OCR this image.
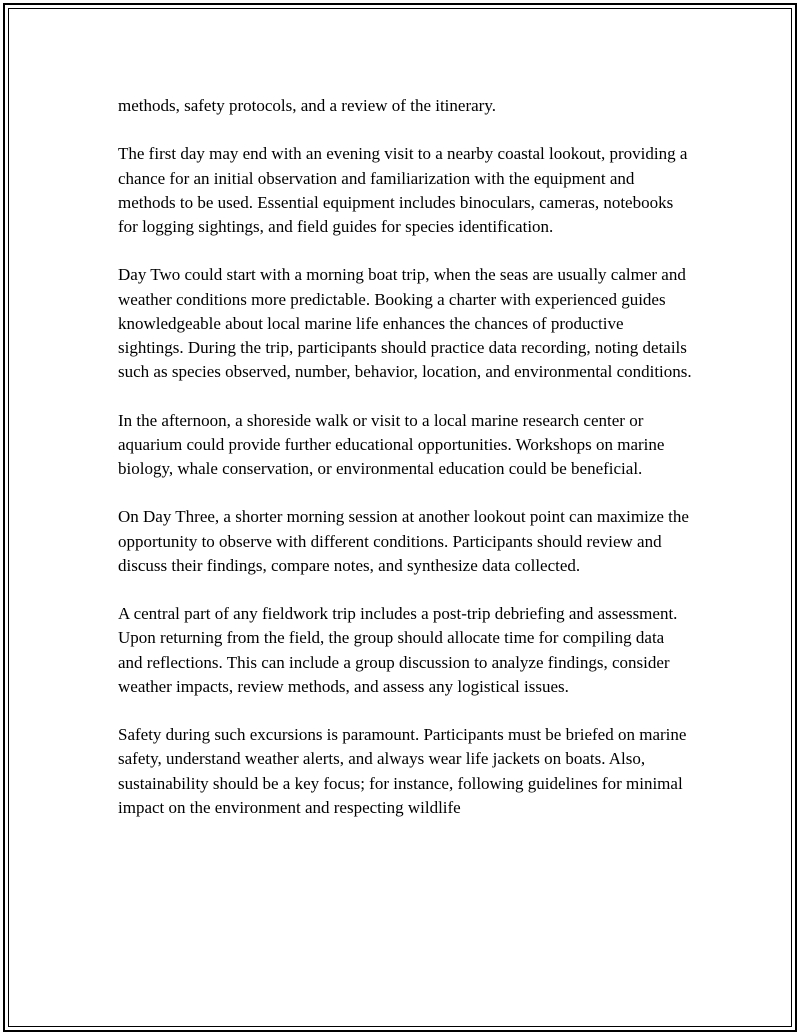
methods, safety protocols, and a review of the itinerary.

The first day may end with an evening visit to a nearby coastal lookout, providing a chance for an initial observation and familiarization with the equipment and methods to be used. Essential equipment includes binoculars, cameras, notebooks for logging sightings, and field guides for species identification.

Day Two could start with a morning boat trip, when the seas are usually calmer and weather conditions more predictable. Booking a charter with experienced guides knowledgeable about local marine life enhances the chances of productive sightings. During the trip, participants should practice data recording, noting details such as species observed, number, behavior, location, and environmental conditions.

In the afternoon, a shoreside walk or visit to a local marine research center or aquarium could provide further educational opportunities. Workshops on marine biology, whale conservation, or environmental education could be beneficial.

On Day Three, a shorter morning session at another lookout point can maximize the opportunity to observe with different conditions. Participants should review and discuss their findings, compare notes, and synthesize data collected.

A central part of any fieldwork trip includes a post-trip debriefing and assessment. Upon returning from the field, the group should allocate time for compiling data and reflections. This can include a group discussion to analyze findings, consider weather impacts, review methods, and assess any logistical issues.

Safety during such excursions is paramount. Participants must be briefed on marine safety, understand weather alerts, and always wear life jackets on boats. Also, sustainability should be a key focus; for instance, following guidelines for minimal impact on the environment and respecting wildlife
